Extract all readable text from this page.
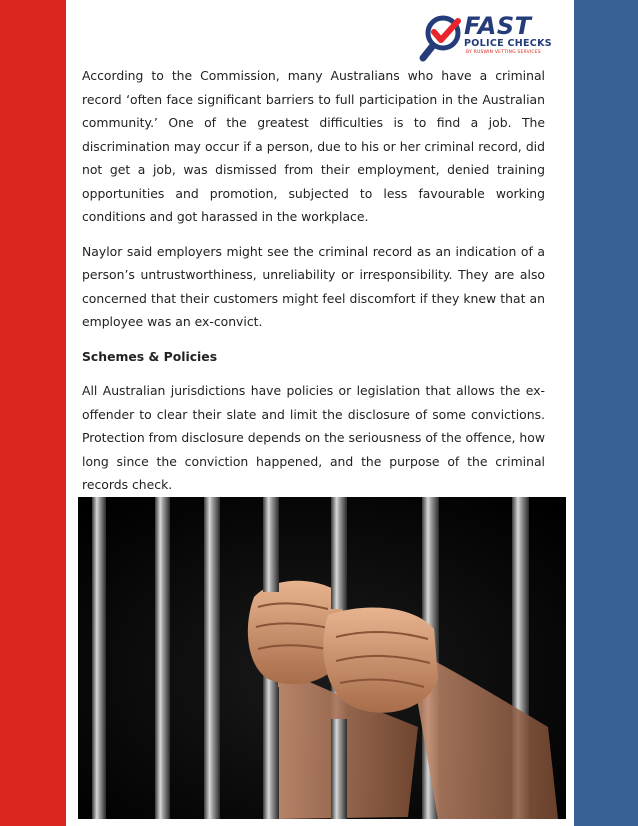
FAST
POLICE CHECKS
BY RUSWIN VETTING SERVICES

According to the Commission, many Australians who have a criminal record ‘often face significant barriers to full participation in the Australian community.’ One of the greatest difficulties is to find a job. The discrimination may occur if a person, due to his or her criminal record, did not get a job, was dismissed from their employment, denied training opportunities and promotion, subjected to less favourable working conditions and got harassed in the workplace.

Naylor said employers might see the criminal record as an indication of a person’s untrustworthiness, unreliability or irresponsibility. They are also concerned that their customers might feel discomfort if they knew that an employee was an ex-convict.

Schemes & Policies

All Australian jurisdictions have policies or legislation that allows the ex-offender to clear their slate and limit the disclosure of some convictions. Protection from disclosure depends on the seriousness of the offence, how long since the conviction happened, and the purpose of the criminal records check.
